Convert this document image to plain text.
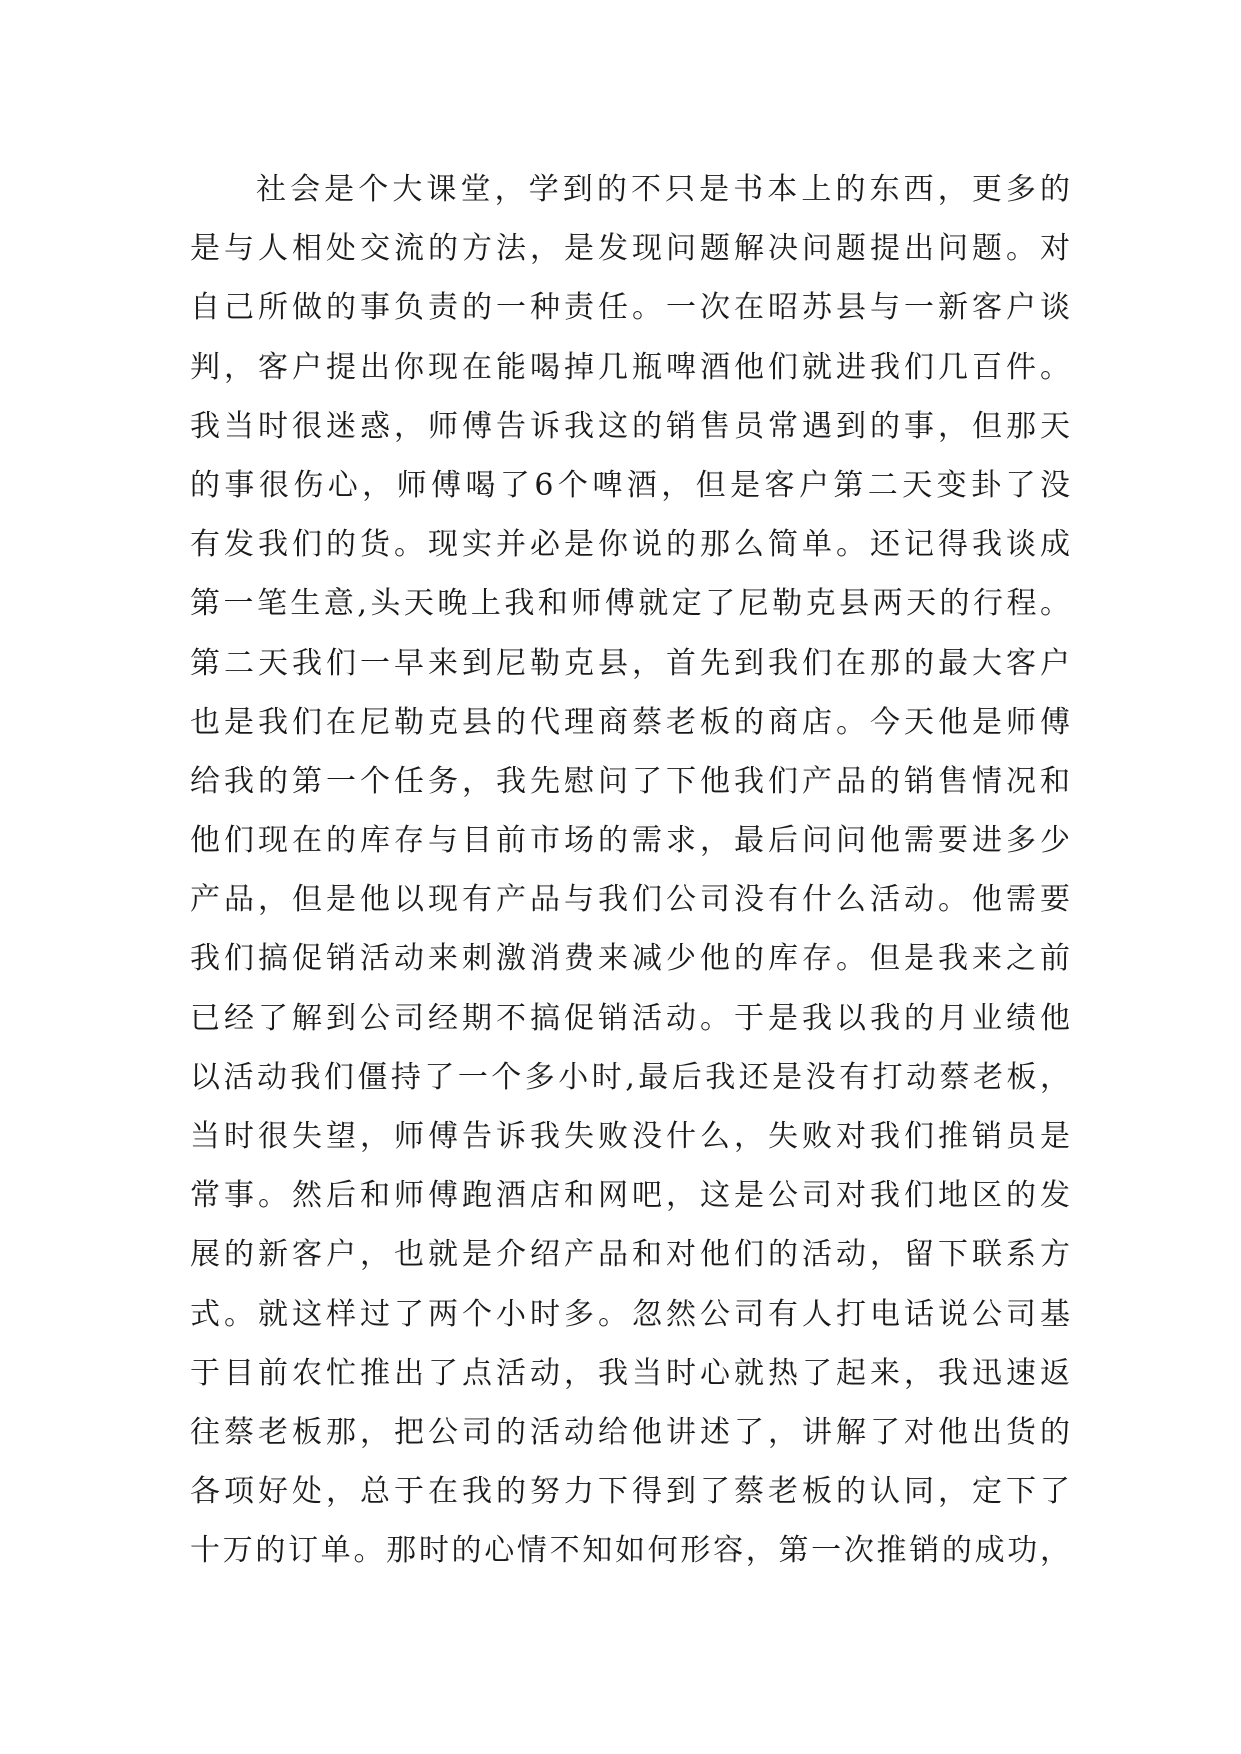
社会是个大课堂，学到的不只是书本上的东西，更多的
是与人相处交流的方法，是发现问题解决问题提出问题。对
自己所做的事负责的一种责任。一次在昭苏县与一新客户谈
判，客户提出你现在能喝掉几瓶啤酒他们就进我们几百件。
我当时很迷惑，师傅告诉我这的销售员常遇到的事，但那天
的事很伤心，师傅喝了6个啤酒，但是客户第二天变卦了没
有发我们的货。现实并必是你说的那么简单。还记得我谈成
第一笔生意,头天晚上我和师傅就定了尼勒克县两天的行程。
第二天我们一早来到尼勒克县，首先到我们在那的最大客户
也是我们在尼勒克县的代理商蔡老板的商店。今天他是师傅
给我的第一个任务，我先慰问了下他我们产品的销售情况和
他们现在的库存与目前市场的需求，最后问问他需要进多少
产品，但是他以现有产品与我们公司没有什么活动。他需要
我们搞促销活动来刺激消费来减少他的库存。但是我来之前
已经了解到公司经期不搞促销活动。于是我以我的月业绩他
以活动我们僵持了一个多小时,最后我还是没有打动蔡老板，
当时很失望，师傅告诉我失败没什么，失败对我们推销员是
常事。然后和师傅跑酒店和网吧，这是公司对我们地区的发
展的新客户，也就是介绍产品和对他们的活动，留下联系方
式。就这样过了两个小时多。忽然公司有人打电话说公司基
于目前农忙推出了点活动，我当时心就热了起来，我迅速返
往蔡老板那，把公司的活动给他讲述了，讲解了对他出货的
各项好处，总于在我的努力下得到了蔡老板的认同，定下了
十万的订单。那时的心情不知如何形容，第一次推销的成功，
